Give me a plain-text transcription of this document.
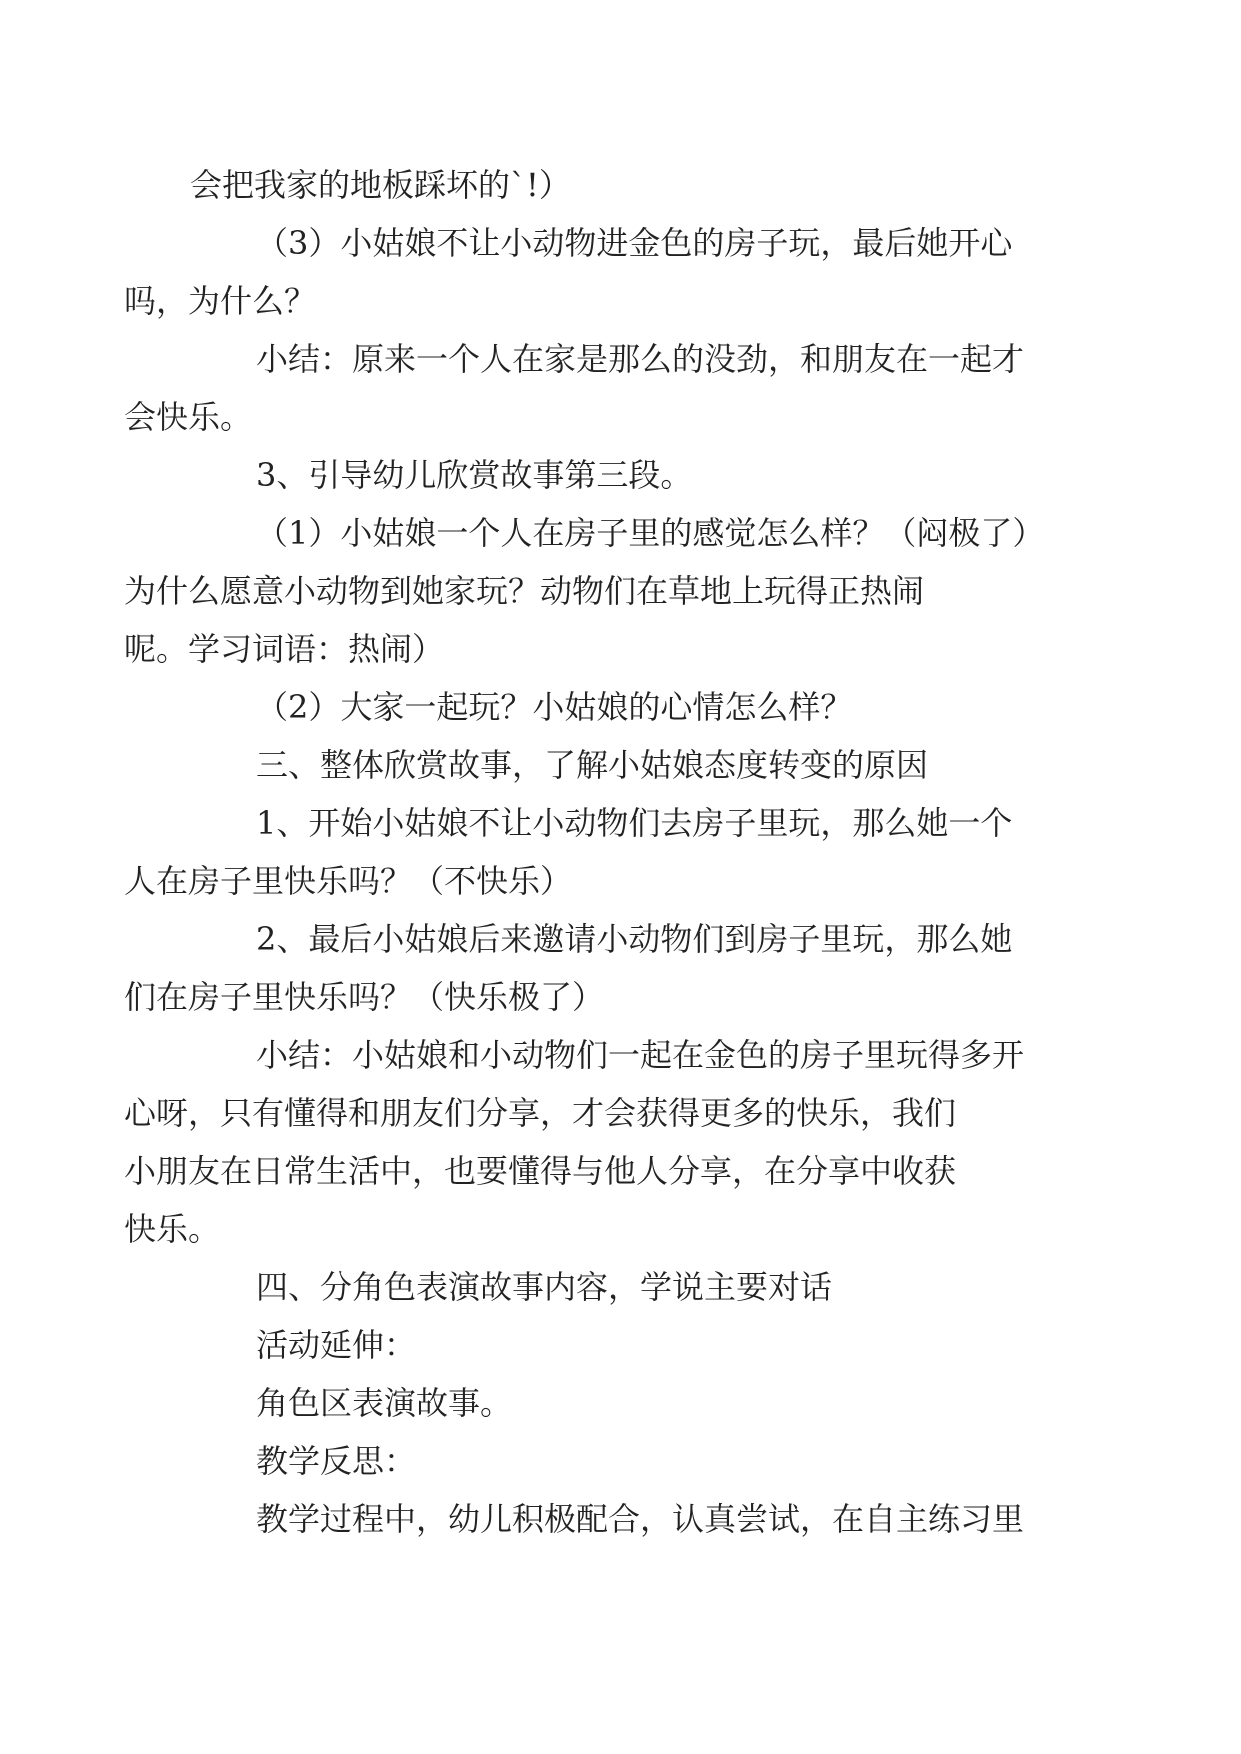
会把我家的地板踩坏的`!）

（3）小姑娘不让小动物进金色的房子玩，最后她开心
吗，为什么？

小结：原来一个人在家是那么的没劲，和朋友在一起才
会快乐。

3、引导幼儿欣赏故事第三段。

（1）小姑娘一个人在房子里的感觉怎么样？（闷极了）
为什么愿意小动物到她家玩？动物们在草地上玩得正热闹
呢。学习词语：热闹）

（2）大家一起玩？小姑娘的心情怎么样？

三、整体欣赏故事，了解小姑娘态度转变的原因

1、开始小姑娘不让小动物们去房子里玩，那么她一个
人在房子里快乐吗？（不快乐）

2、最后小姑娘后来邀请小动物们到房子里玩，那么她
们在房子里快乐吗？（快乐极了）

小结：小姑娘和小动物们一起在金色的房子里玩得多开
心呀，只有懂得和朋友们分享，才会获得更多的快乐，我们
小朋友在日常生活中，也要懂得与他人分享，在分享中收获
快乐。

四、分角色表演故事内容，学说主要对话

活动延伸：

角色区表演故事。

教学反思：

教学过程中，幼儿积极配合，认真尝试，在自主练习里
